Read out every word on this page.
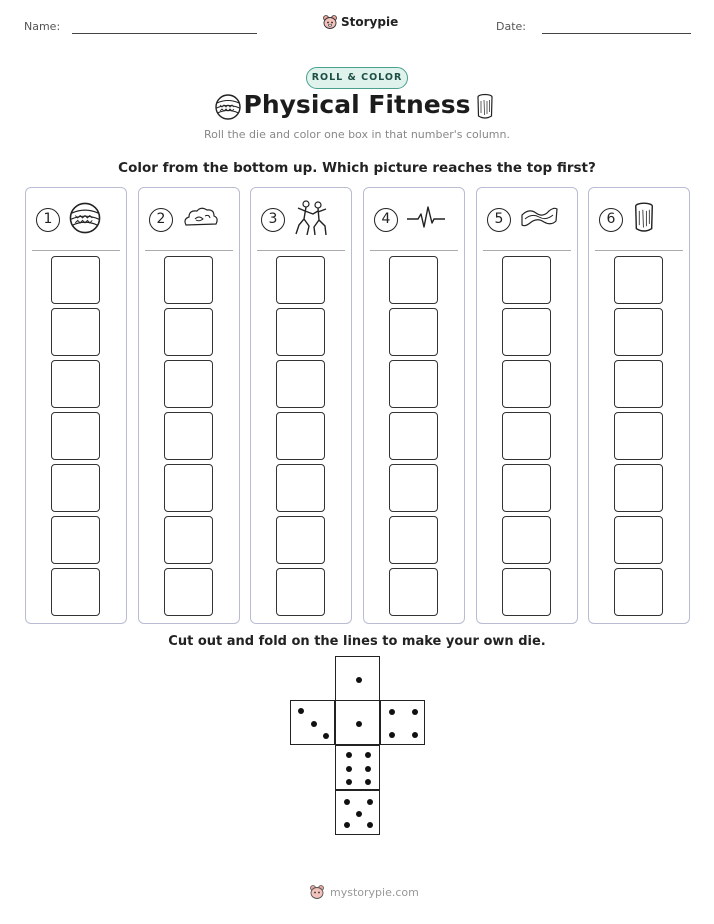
Name:	Storypie	Date:
ROLL & COLOR
Physical Fitness
Roll the die and color one box in that number's column.
Color from the bottom up. Which picture reaches the top first?
1	2	3	4	5	6
Cut out and fold on the lines to make your own die.
mystorypie.com
